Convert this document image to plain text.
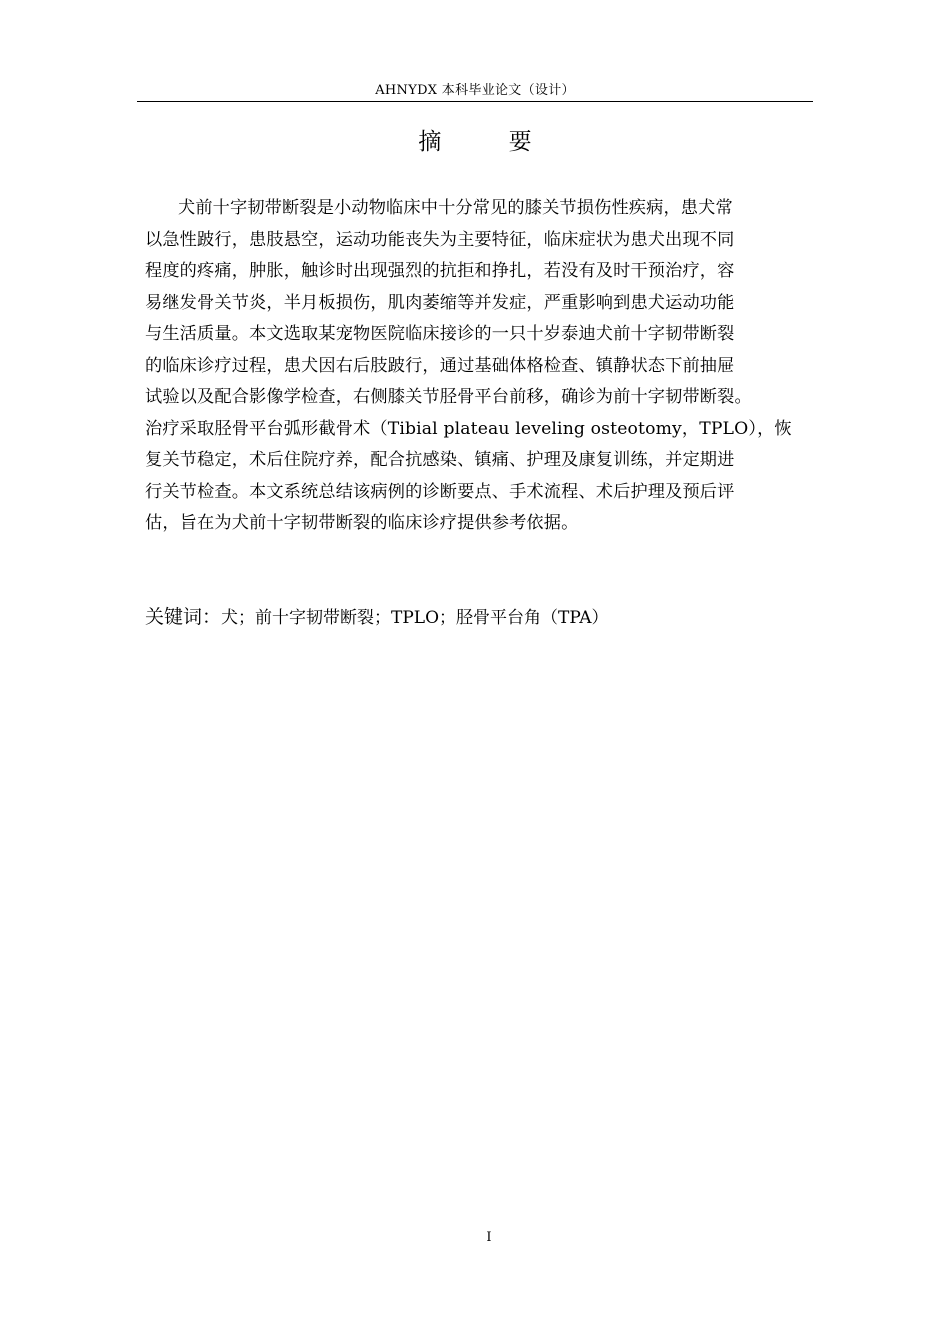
AHNYDX 本科毕业论文（设计）
摘 要
犬前十字韧带断裂是小动物临床中十分常见的膝关节损伤性疾病，患犬常
以急性跛行，患肢悬空，运动功能丧失为主要特征，临床症状为患犬出现不同
程度的疼痛，肿胀，触诊时出现强烈的抗拒和挣扎，若没有及时干预治疗，容
易继发骨关节炎，半月板损伤，肌肉萎缩等并发症，严重影响到患犬运动功能
与生活质量。本文选取某宠物医院临床接诊的一只十岁泰迪犬前十字韧带断裂
的临床诊疗过程，患犬因右后肢跛行，通过基础体格检查、镇静状态下前抽屉
试验以及配合影像学检查，右侧膝关节胫骨平台前移，确诊为前十字韧带断裂。
治疗采取胫骨平台弧形截骨术（Tibial plateau leveling osteotomy，TPLO），恢
复关节稳定，术后住院疗养，配合抗感染、镇痛、护理及康复训练，并定期进
行关节检查。本文系统总结该病例的诊断要点、手术流程、术后护理及预后评
估，旨在为犬前十字韧带断裂的临床诊疗提供参考依据。
关键词：犬；前十字韧带断裂；TPLO；胫骨平台角（TPA）
I
